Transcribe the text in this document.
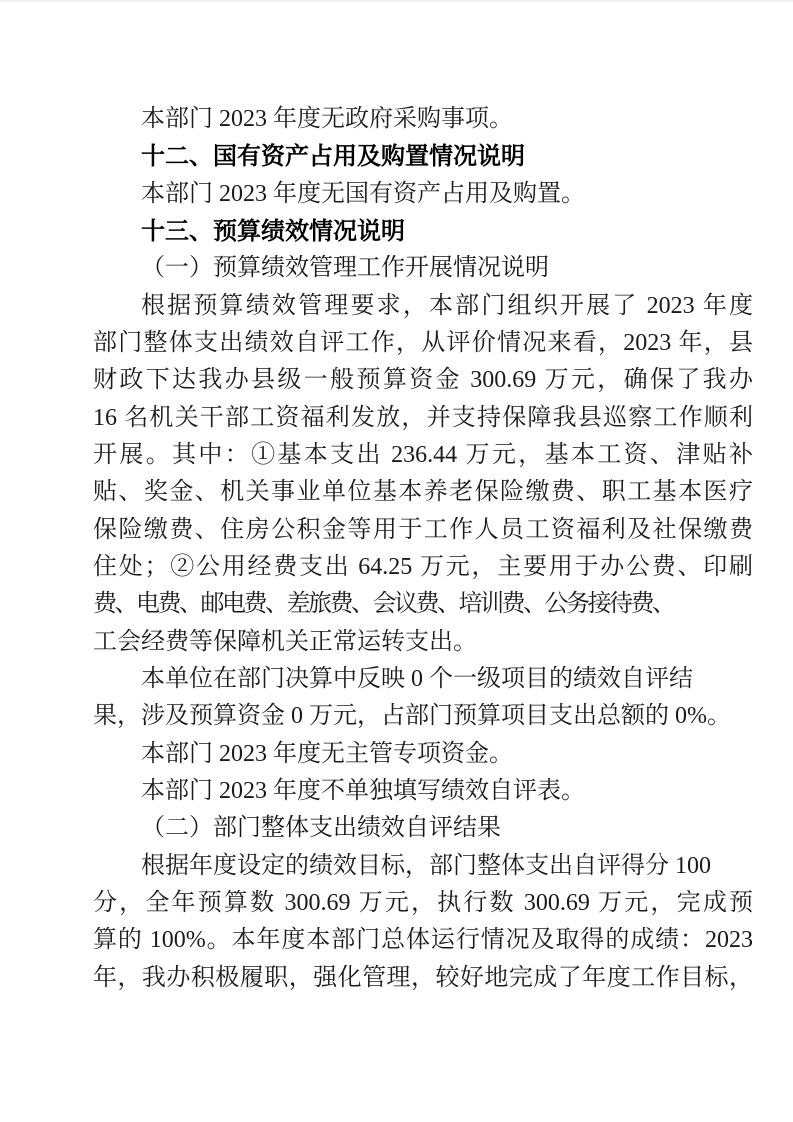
本部门 2023 年度无政府采购事项。
十二、国有资产占用及购置情况说明
本部门 2023 年度无国有资产占用及购置。
十三、预算绩效情况说明
（一）预算绩效管理工作开展情况说明
根据预算绩效管理要求，本部门组织开展了 2023 年度
部门整体支出绩效自评工作，从评价情况来看，2023 年，县
财政下达我办县级一般预算资金 300.69 万元，确保了我办
16 名机关干部工资福利发放，并支持保障我县巡察工作顺利
开展。其中：①基本支出 236.44 万元，基本工资、津贴补
贴、奖金、机关事业单位基本养老保险缴费、职工基本医疗
保险缴费、住房公积金等用于工作人员工资福利及社保缴费
住处；②公用经费支出 64.25 万元，主要用于办公费、印刷
费、电费、邮电费、差旅费、会议费、培训费、公务接待费、
工会经费等保障机关正常运转支出。
本单位在部门决算中反映 0 个一级项目的绩效自评结
果，涉及预算资金 0 万元，占部门预算项目支出总额的 0%。
本部门 2023 年度无主管专项资金。
本部门 2023 年度不单独填写绩效自评表。
（二）部门整体支出绩效自评结果
根据年度设定的绩效目标，部门整体支出自评得分 100
分，全年预算数 300.69 万元，执行数 300.69 万元，完成预
算的 100%。本年度本部门总体运行情况及取得的成绩：2023
年，我办积极履职，强化管理，较好地完成了年度工作目标，
